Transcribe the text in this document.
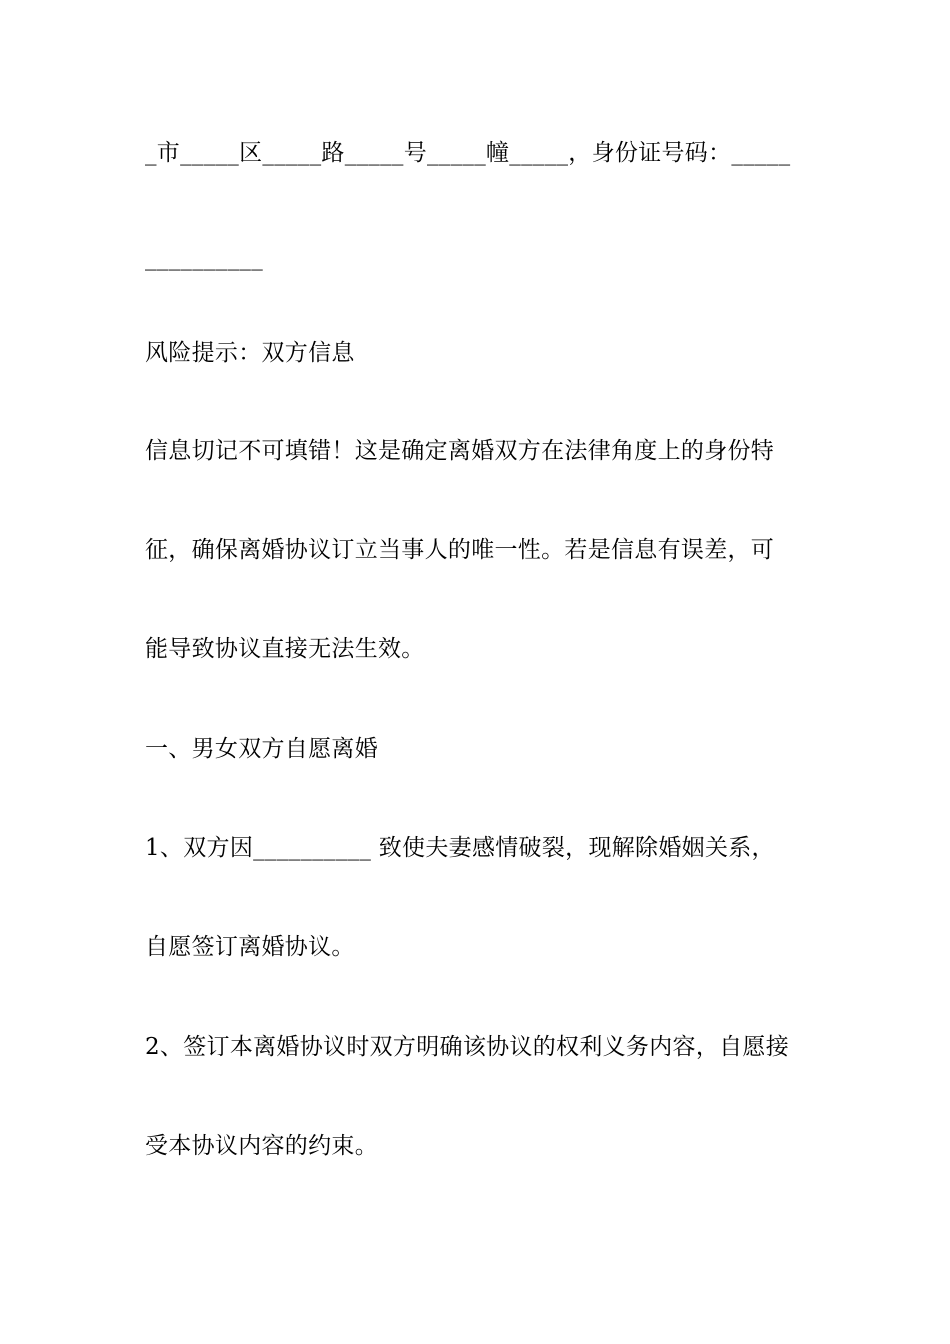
_市_____区_____路_____号_____幢_____，身份证号码：_____
__________
风险提示：双方信息
信息切记不可填错！这是确定离婚双方在法律角度上的身份特
征，确保离婚协议订立当事人的唯一性。若是信息有误差，可
能导致协议直接无法生效。
一、男女双方自愿离婚
1、双方因__________ 致使夫妻感情破裂，现解除婚姻关系，
自愿签订离婚协议。
2、签订本离婚协议时双方明确该协议的权利义务内容，自愿接
受本协议内容的约束。
